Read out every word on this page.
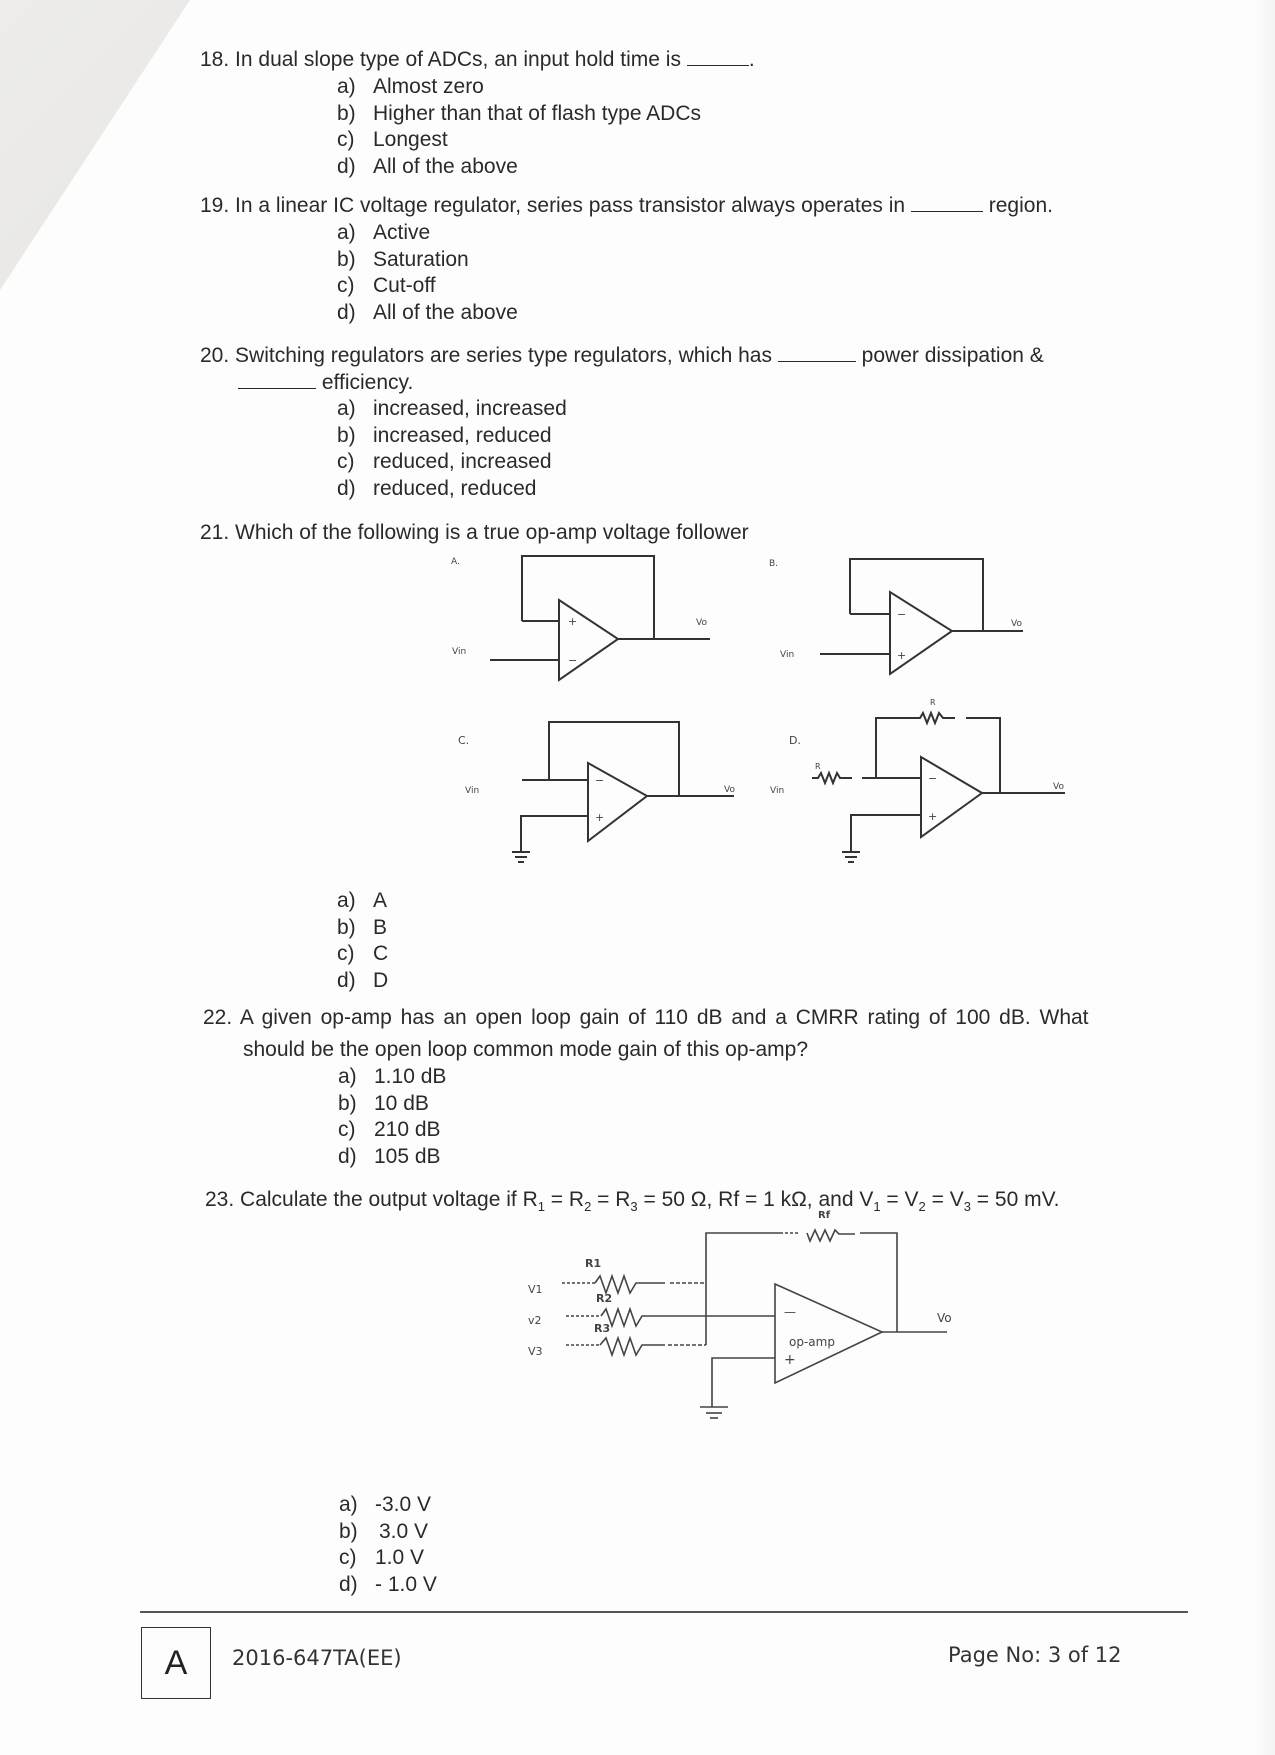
18. In dual slope type of ADCs, an input hold time is	.
a) Almost zero
b) Higher than that of flash type ADCs
c) Longest
d) All of the above
19. In a linear IC voltage regulator, series pass transistor always operates in	region.
a) Active
b) Saturation
c) Cut-off
d) All of the above
20. Switching regulators are series type regulators, which has	power dissipation &
efficiency.
a) increased, increased
b) increased, reduced
c) reduced, increased
d) reduced, reduced
21. Which of the following is a true op-amp voltage follower
A.	B.
C.	D.
Vin
Vo
Vin
Vo
Vin	Vo	Vin	Vo
R
R
+
−
−
+
−
+
−
+
a) A
b) B
c) C
d) D
22. A given op-amp has an open loop gain of 110 dB and a CMRR rating of 100 dB. What
should be the open loop common mode gain of this op-amp?
a) 1.10 dB
b) 10 dB
c) 210 dB
d) 105 dB
23. Calculate the output voltage if $R_1 = R_2 = R_3 = 50$ Ω, Rf = 1 kΩ, and $V_1 = V_2 = V_3 = 50$ mV.
Rf
R1
R2
R3
V1
v2
V3
Vo
op-amp
—
+
a) -3.0 V
b)	3.0 V
c) 1.0 V
d) - 1.0 V
A 2016-647TA(EE)	Page No: 3 of 12
